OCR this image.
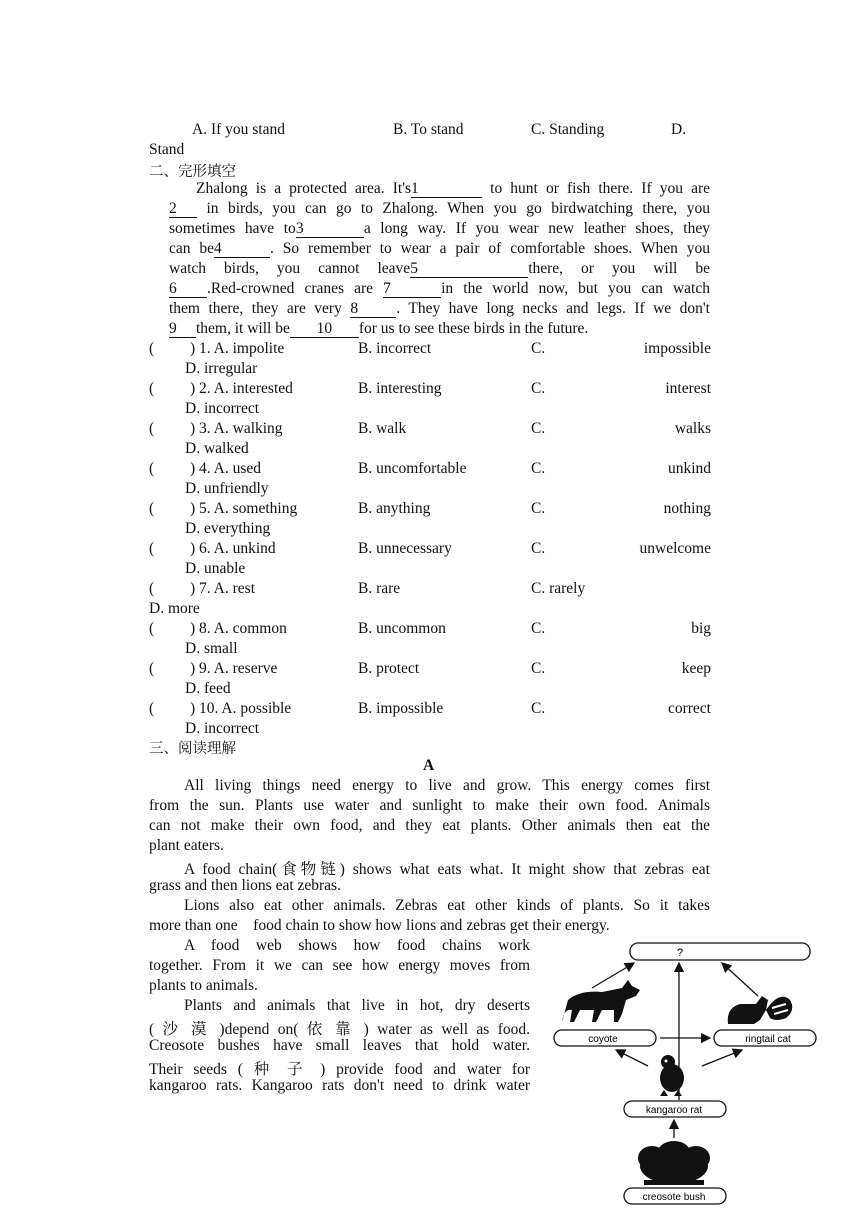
A. If you stand	B. To stand	C. Standing	D.
Stand
二、完形填空
Zhalong is a protected area. It's1	to hunt or fish there. If you are
2 in birds, you can go to Zhalong. When you go birdwatching there, you
sometimes have to3	a long way. If you wear new leather shoes, they
can be4	. So remember to wear a pair of comfortable shoes. When you
watch birds, you cannot leave5	there, or you will be
6 .Red-crowned cranes are 7	in the world now, but you can watch
them there, they are very 8 . They have long necks and legs. If we don't
9 them, it will be 10 for us to see these birds in the future.
( ) 1. A. impolite	B. incorrect	C.	impossible
D. irregular
( ) 2. A. interested	B. interesting	C.	interest
D. incorrect
( ) 3. A. walking	B. walk	C.	walks
D. walked
( ) 4. A. used	B. uncomfortable	C.	unkind
D. unfriendly
( ) 5. A. something	B. anything	C.	nothing
D. everything
( ) 6. A. unkind	B. unnecessary	C.	unwelcome
D. unable
( ) 7. A. rest	B. rare	C. rarely
D. more
( ) 8. A. common	B. uncommon	C.	big
D. small
( ) 9. A. reserve	B. protect	C.	keep
D. feed
( ) 10. A. possible	B. impossible	C.	correct
D. incorrect
三、阅读理解
A
All living things need energy to live and grow. This energy comes first
from the sun. Plants use water and sunlight to make their own food. Animals
can not make their own food, and they eat plants. Other animals then eat the
plant eaters.
A food chain(食物链) shows what eats what. It might show that zebras eat
grass and then lions eat zebras.
Lions also eat other animals. Zebras eat other kinds of plants. So it takes
more than one    food chain to show how lions and zebras get their energy.
A food web shows how food chains work
together. From it we can see how energy moves from
plants to animals.
Plants and animals that live in hot, dry deserts
( 沙 漠 )depend on( 依 靠 ) water as well as food.
Creosote bushes have small leaves that hold water.
Their seeds ( 种 子 ) provide food and water for
kangaroo rats. Kangaroo rats don't need to drink water
?
coyote	ringtail cat
kangaroo rat
creosote bush
